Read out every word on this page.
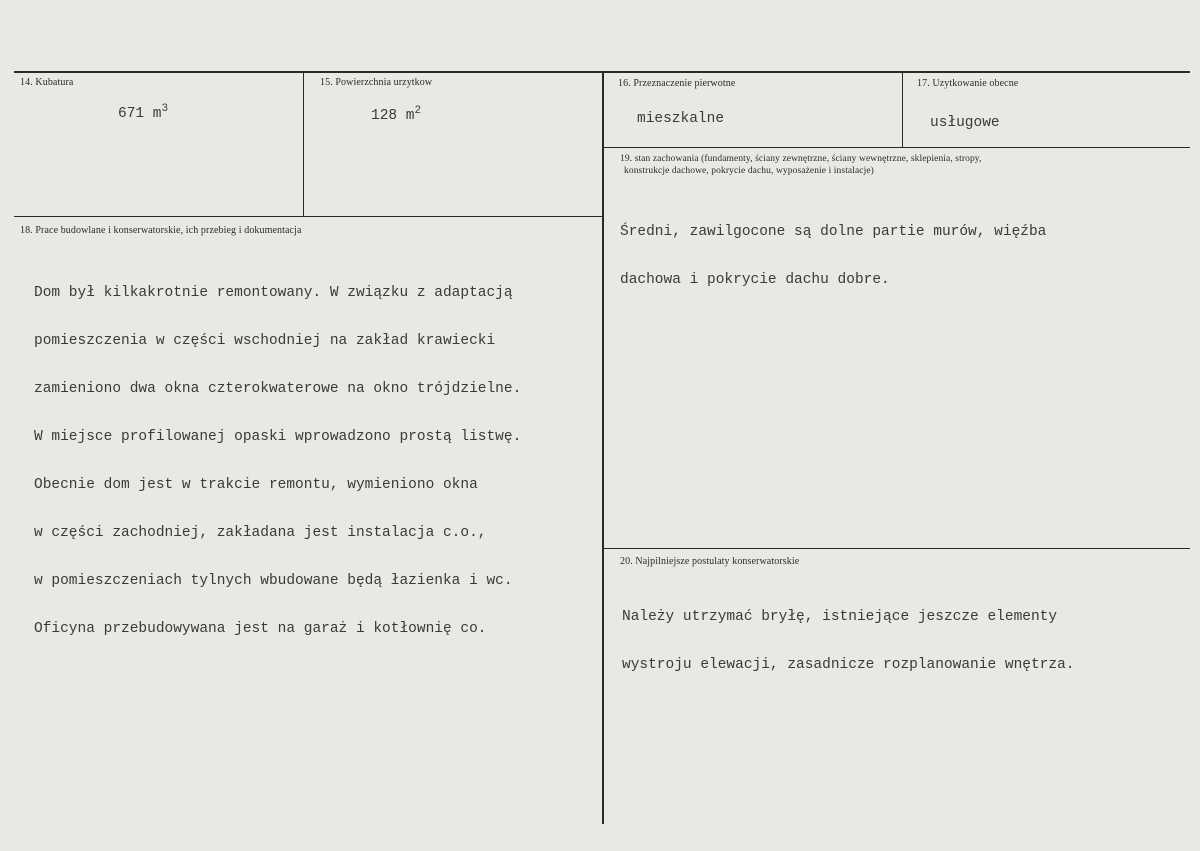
14. Kubatura
671 $m^3$
15. Powierzchnia urzytkow
128 $m^2$
16. Przeznaczenie pierwotne
mieszkalne
17. Uzytkowanie obecne
usługowe
18. Prace budowlane i konserwatorskie, ich przebieg i dokumentacja

Dom był kilkakrotnie remontowany. W związku z adaptacją

pomieszczenia w części wschodniej na zakład krawiecki

zamieniono dwa okna czterokwaterowe na okno trójdzielne.

W miejsce profilowanej opaski wprowadzono prostą listwę.

Obecnie dom jest w trakcie remontu, wymieniono okna

w części zachodniej, zakładana jest instalacja c.o.,

w pomieszczeniach tylnych wbudowane będą łazienka i wc.

Oficyna przebudowywana jest na garaż i kotłownię co.

19. stan zachowania (fundamenty, ściany zewnętrzne, ściany wewnętrzne, sklepienia, stropy,
konstrukcje dachowe, pokrycie dachu, wyposażenie i instalacje)

Średni, zawilgocone są dolne partie murów, więźba

dachowa i pokrycie dachu dobre.

20. Najpilniejsze postulaty konserwatorskie

Należy utrzymać bryłę, istniejące jeszcze elementy

wystroju elewacji, zasadnicze rozplanowanie wnętrza.
